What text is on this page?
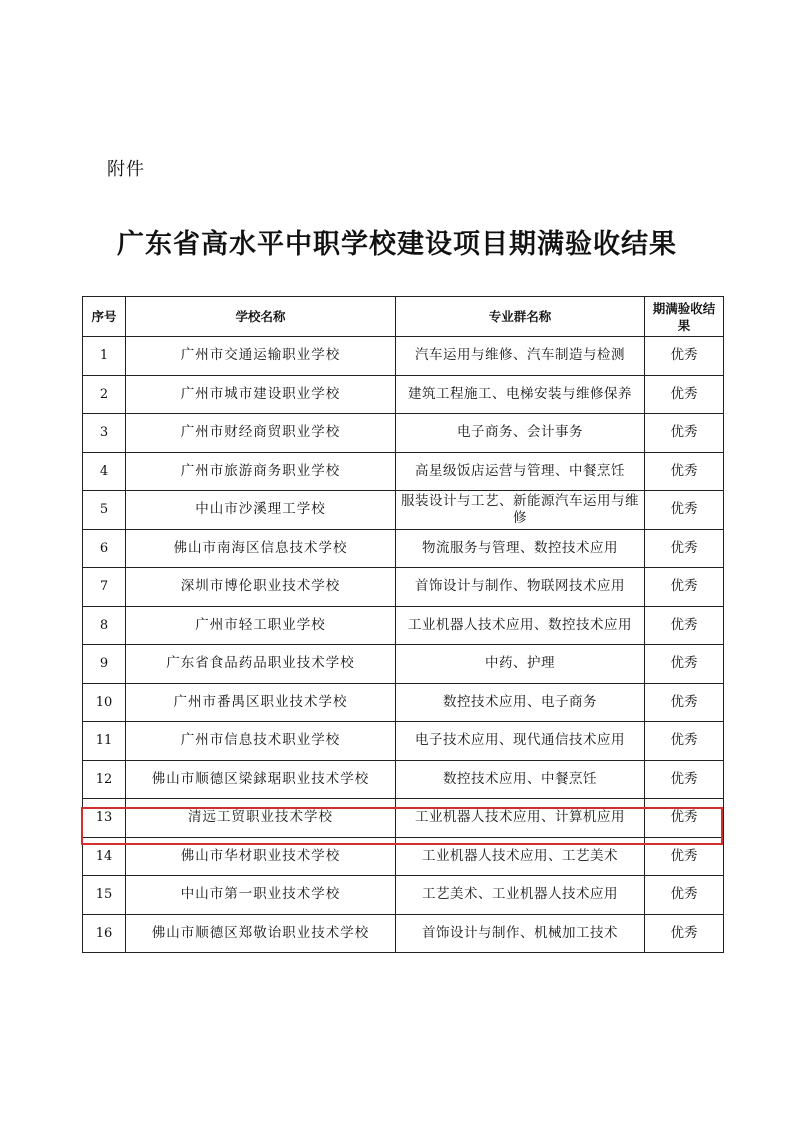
附件
广东省高水平中职学校建设项目期满验收结果
序号	学校名称	专业群名称	期满验收结果
1	广州市交通运输职业学校	汽车运用与维修、汽车制造与检测	优秀
2	广州市城市建设职业学校	建筑工程施工、电梯安装与维修保养	优秀
3	广州市财经商贸职业学校	电子商务、会计事务	优秀
4	广州市旅游商务职业学校	高星级饭店运营与管理、中餐烹饪	优秀
5	中山市沙溪理工学校	服装设计与工艺、新能源汽车运用与维修	优秀
6	佛山市南海区信息技术学校	物流服务与管理、数控技术应用	优秀
7	深圳市博伦职业技术学校	首饰设计与制作、物联网技术应用	优秀
8	广州市轻工职业学校	工业机器人技术应用、数控技术应用	优秀
9	广东省食品药品职业技术学校	中药、护理	优秀
10	广州市番禺区职业技术学校	数控技术应用、电子商务	优秀
11	广州市信息技术职业学校	电子技术应用、现代通信技术应用	优秀
12	佛山市顺德区梁銶琚职业技术学校	数控技术应用、中餐烹饪	优秀
13	清远工贸职业技术学校	工业机器人技术应用、计算机应用	优秀
14	佛山市华材职业技术学校	工业机器人技术应用、工艺美术	优秀
15	中山市第一职业技术学校	工艺美术、工业机器人技术应用	优秀
16	佛山市顺德区郑敬诒职业技术学校	首饰设计与制作、机械加工技术	优秀
